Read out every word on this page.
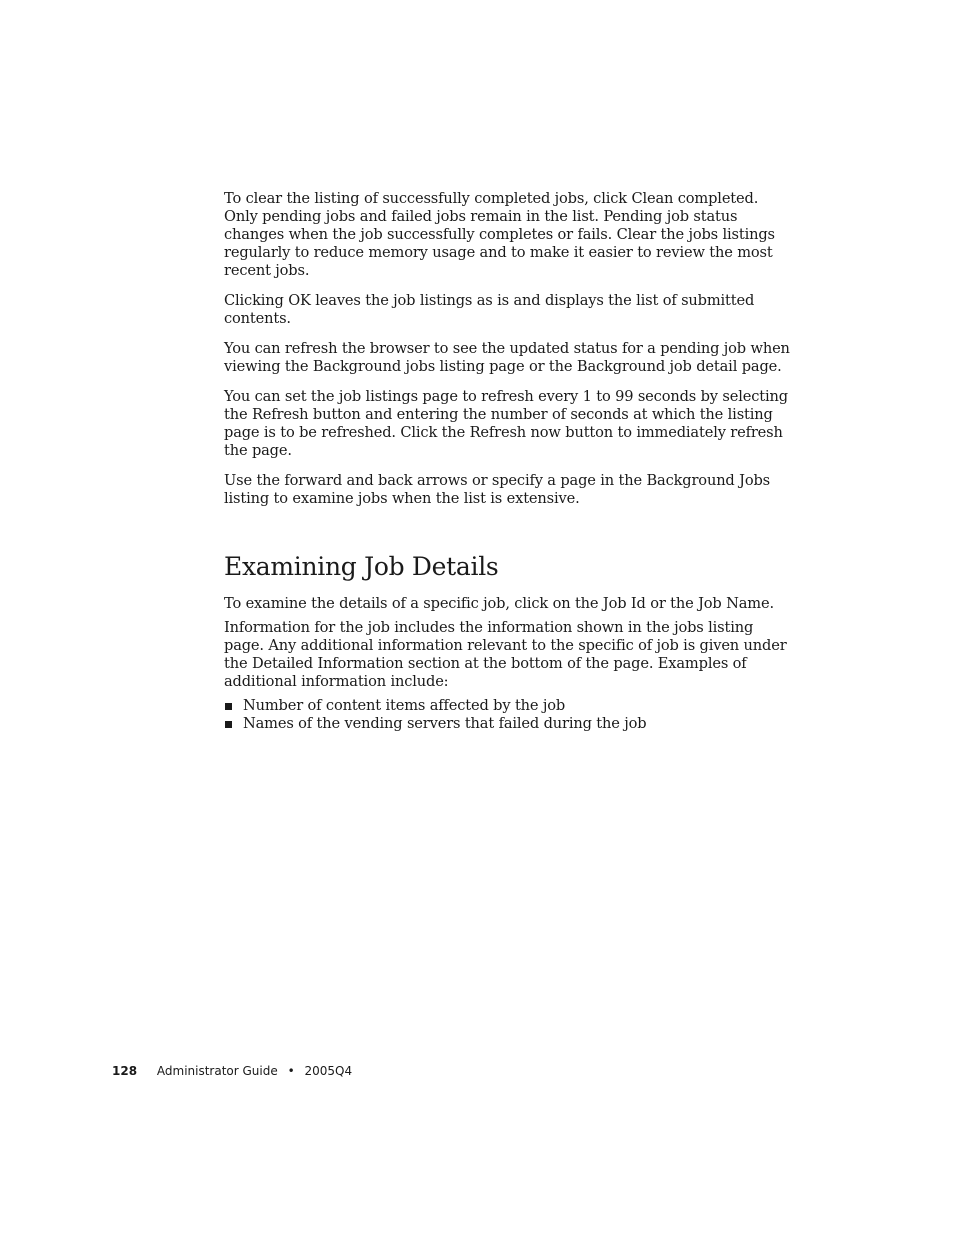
To clear the listing of successfully completed jobs, click Clean completed. Only pending jobs and failed jobs remain in the list. Pending job status changes when the job successfully completes or fails. Clear the jobs listings regularly to reduce memory usage and to make it easier to review the most recent jobs.

Clicking OK leaves the job listings as is and displays the list of submitted contents.

You can refresh the browser to see the updated status for a pending job when viewing the Background jobs listing page or the Background job detail page.

You can set the job listings page to refresh every 1 to 99 seconds by selecting the Refresh button and entering the number of seconds at which the listing page is to be refreshed. Click the Refresh now button to immediately refresh the page.

Use the forward and back arrows or specify a page in the Background Jobs listing to examine jobs when the list is extensive.

Examining Job Details

To examine the details of a specific job, click on the Job Id or the Job Name.

Information for the job includes the information shown in the jobs listing page. Any additional information relevant to the specific of job is given under the Detailed Information section at the bottom of the page. Examples of additional information include:

Number of content items affected by the job
Names of the vending servers that failed during the job
128 Administrator Guide • 2005Q4
